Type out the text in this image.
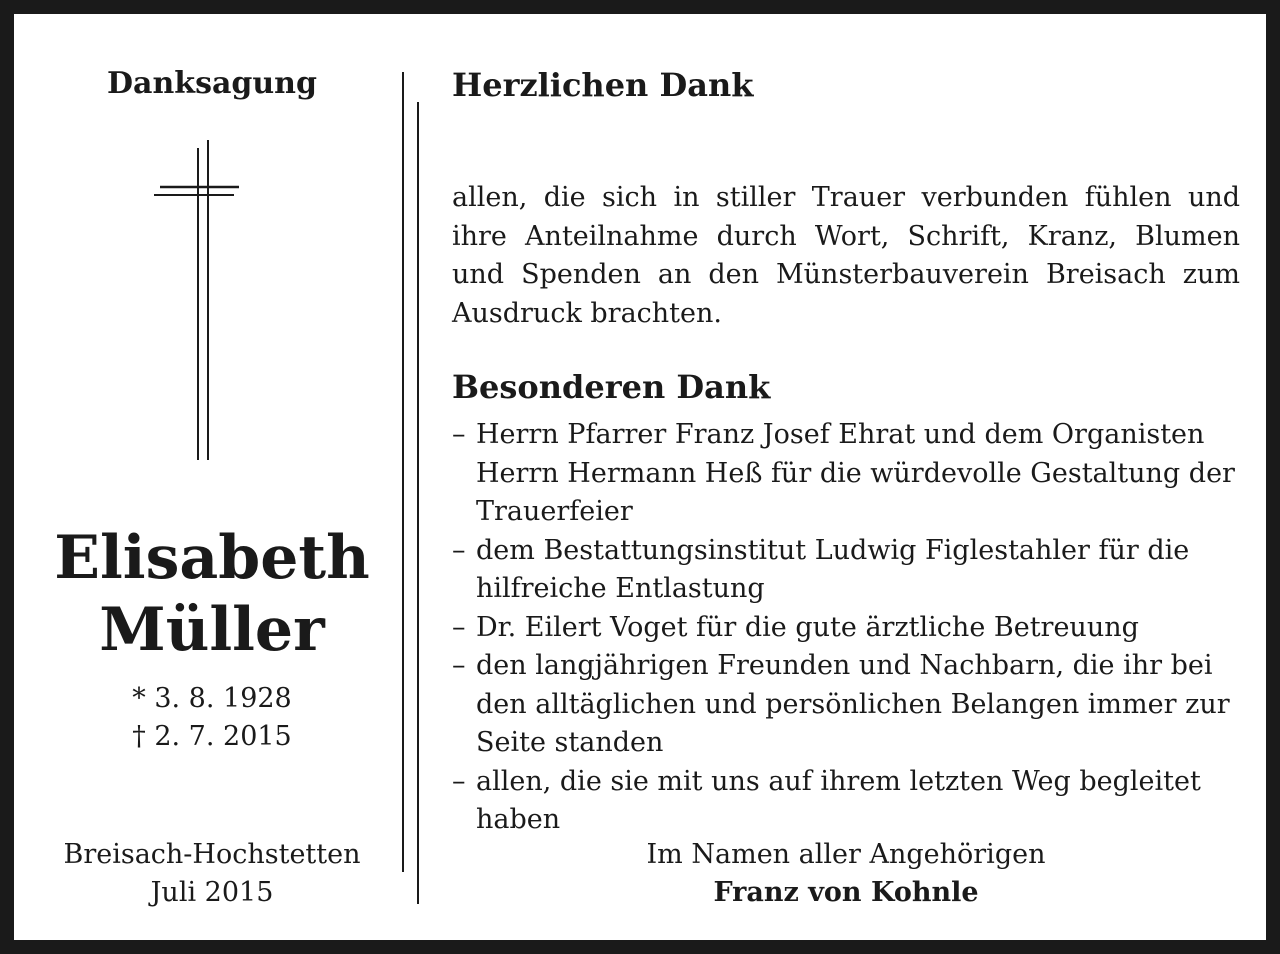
Danksagung
Elisabeth
Müller
* 3. 8. 1928
† 2. 7. 2015
Breisach-Hochstetten
Juli 2015
Herzlichen Dank
allen, die sich in stiller Trauer verbunden fühlen und ihre Anteilnahme durch Wort, Schrift, Kranz, Blumen und Spenden an den Münsterbauverein Breisach zum Ausdruck brachten.
Besonderen Dank
– Herrn Pfarrer Franz Josef Ehrat und dem Organisten Herrn Hermann Heß für die würdevolle Gestaltung der Trauerfeier
– dem Bestattungsinstitut Ludwig Figlestahler für die hilfreiche Entlastung
– Dr. Eilert Voget für die gute ärztliche Betreuung
– den langjährigen Freunden und Nachbarn, die ihr bei den alltäglichen und persönlichen Belangen immer zur Seite standen
– allen, die sie mit uns auf ihrem letzten Weg begleitet haben
Im Namen aller Angehörigen
Franz von Kohnle
